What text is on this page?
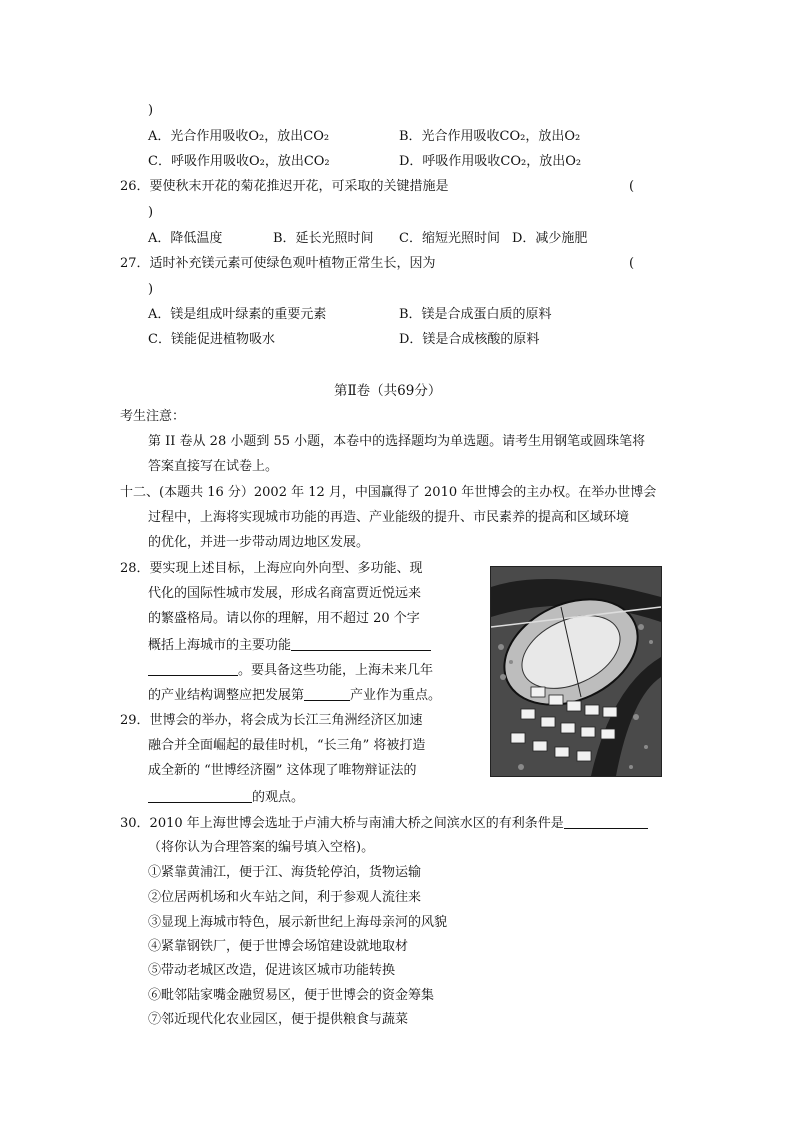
)
A．光合作用吸收O₂，放出CO₂	B．光合作用吸收CO₂，放出O₂
C．呼吸作用吸收O₂，放出CO₂	D．呼吸作用吸收CO₂，放出O₂
26．要使秋末开花的菊花推迟开花，可采取的关键措施是	(
)
A．降低温度	B．延长光照时间 C．缩短光照时间 D．减少施肥
27．适时补充镁元素可使绿色观叶植物正常生长，因为	(
)
A．镁是组成叶绿素的重要元素	B．镁是合成蛋白质的原料
C．镁能促进植物吸水	D．镁是合成核酸的原料
第Ⅱ卷（共69分）
考生注意：
第 II 卷从 28 小题到 55 小题，本卷中的选择题均为单选题。请考生用钢笔或圆珠笔将
答案直接写在试卷上。
十二、(本题共 16 分）2002 年 12 月，中国赢得了 2010 年世博会的主办权。在举办世博会
过程中，上海将实现城市功能的再造、产业能级的提升、市民素养的提高和区域环境
的优化，并进一步带动周边地区发展。
28．要实现上述目标，上海应向外向型、多功能、现
代化的国际性城市发展，形成名商富贾近悦远来
的繁盛格局。请以你的理解，用不超过 20 个字
概括上海城市的主要功能
。要具备这些功能，上海未来几年
的产业结构调整应把发展第	产业作为重点。
29．世博会的举办，将会成为长江三角洲经济区加速
融合并全面崛起的最佳时机，“长三角” 将被打造
成全新的 “世博经济圈” 这体现了唯物辩证法的
的观点。
30．2010 年上海世博会选址于卢浦大桥与南浦大桥之间滨水区的有利条件是
（将你认为合理答案的编号填入空格)。
①紧靠黄浦江，便于江、海货轮停泊，货物运输
②位居两机场和火车站之间，利于参观人流往来
③显现上海城市特色，展示新世纪上海母亲河的风貌
④紧靠钢铁厂，便于世博会场馆建设就地取材
⑤带动老城区改造，促进该区城市功能转换
⑥毗邻陆家嘴金融贸易区，便于世博会的资金筹集
⑦邻近现代化农业园区，便于提供粮食与蔬菜
